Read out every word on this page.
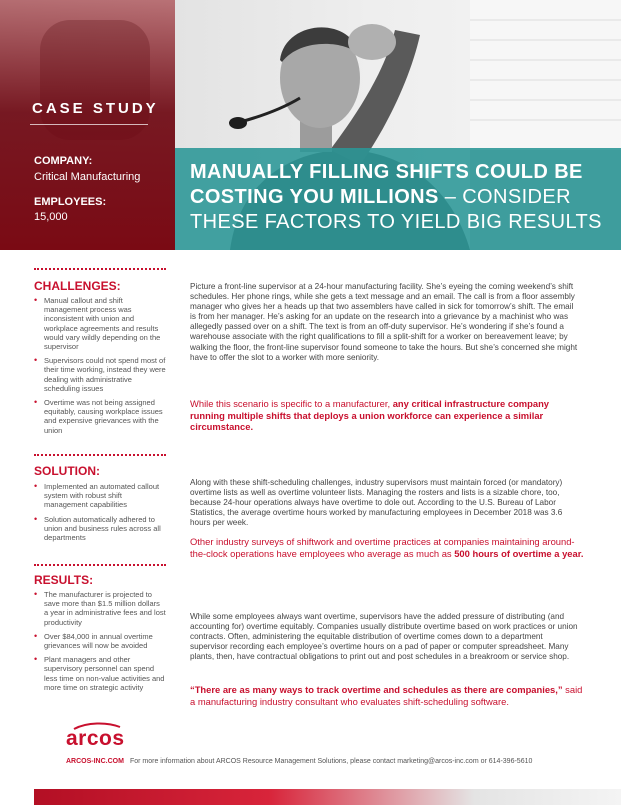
CASE STUDY
COMPANY:
Critical Manufacturing
EMPLOYEES:
15,000
MANUALLY FILLING SHIFTS COULD BE
COSTING YOU MILLIONS – CONSIDER
THESE FACTORS TO YIELD BIG RESULTS
CHALLENGES:
• Manual callout and shift management process was inconsistent with union and workplace agreements and results would vary wildly depending on the supervisor
• Supervisors could not spend most of their time working, instead they were dealing with administrative scheduling issues
• Overtime was not being assigned equitably, causing workplace issues and expensive grievances with the union
SOLUTION:
• Implemented an automated callout system with robust shift management capabilities
• Solution automatically adhered to union and business rules across all departments
RESULTS:
• The manufacturer is projected to save more than $1.5 million dollars a year in administrative fees and lost productivity
• Over $84,000 in annual overtime grievances will now be avoided
• Plant managers and other supervisory personnel can spend less time on non-value activities and more time on strategic activity
arcos

Picture a front-line supervisor at a 24-hour manufacturing facility. She’s eyeing the coming weekend’s shift schedules. Her phone rings, while she gets a text message and an email. The call is from a floor assembly manager who gives her a heads up that two assemblers have called in sick for tomorrow’s shift. The email is from her manager. He’s asking for an update on the research into a grievance by a machinist who was allegedly passed over on a shift. The text is from an off-duty supervisor. He’s wondering if she’s found a warehouse associate with the right qualifications to fill a split-shift for a worker on bereavement leave; by walking the floor, the front-line supervisor found someone to take the hours. But she’s concerned she might have to offer the slot to a worker with more seniority.

While this scenario is specific to a manufacturer, any critical infrastructure company running multiple shifts that deploys a union workforce can experience a similar circumstance.

Along with these shift-scheduling challenges, industry supervisors must maintain forced (or mandatory) overtime lists as well as overtime volunteer lists. Managing the rosters and lists is a sizable chore, too, because 24-hour operations always have overtime to dole out. According to the U.S. Bureau of Labor Statistics, the average overtime hours worked by manufacturing employees in December 2018 was 3.6 hours per week.

Other industry surveys of shiftwork and overtime practices at companies maintaining around-the-clock operations have employees who average as much as 500 hours of overtime a year.

While some employees always want overtime, supervisors have the added pressure of distributing (and accounting for) overtime equitably. Companies usually distribute overtime based on work practices or union contracts. Often, administering the equitable distribution of overtime comes down to a department supervisor recording each employee’s overtime hours on a pad of paper or computer spreadsheet. Many plants, then, have contractual obligations to print out and post schedules in a breakroom or service shop.

“There are as many ways to track overtime and schedules as there are companies,” said a manufacturing industry consultant who evaluates shift-scheduling software.

ARCOS-INC.COM For more information about ARCOS Resource Management Solutions, please contact marketing@arcos-inc.com or 614-396-5610
